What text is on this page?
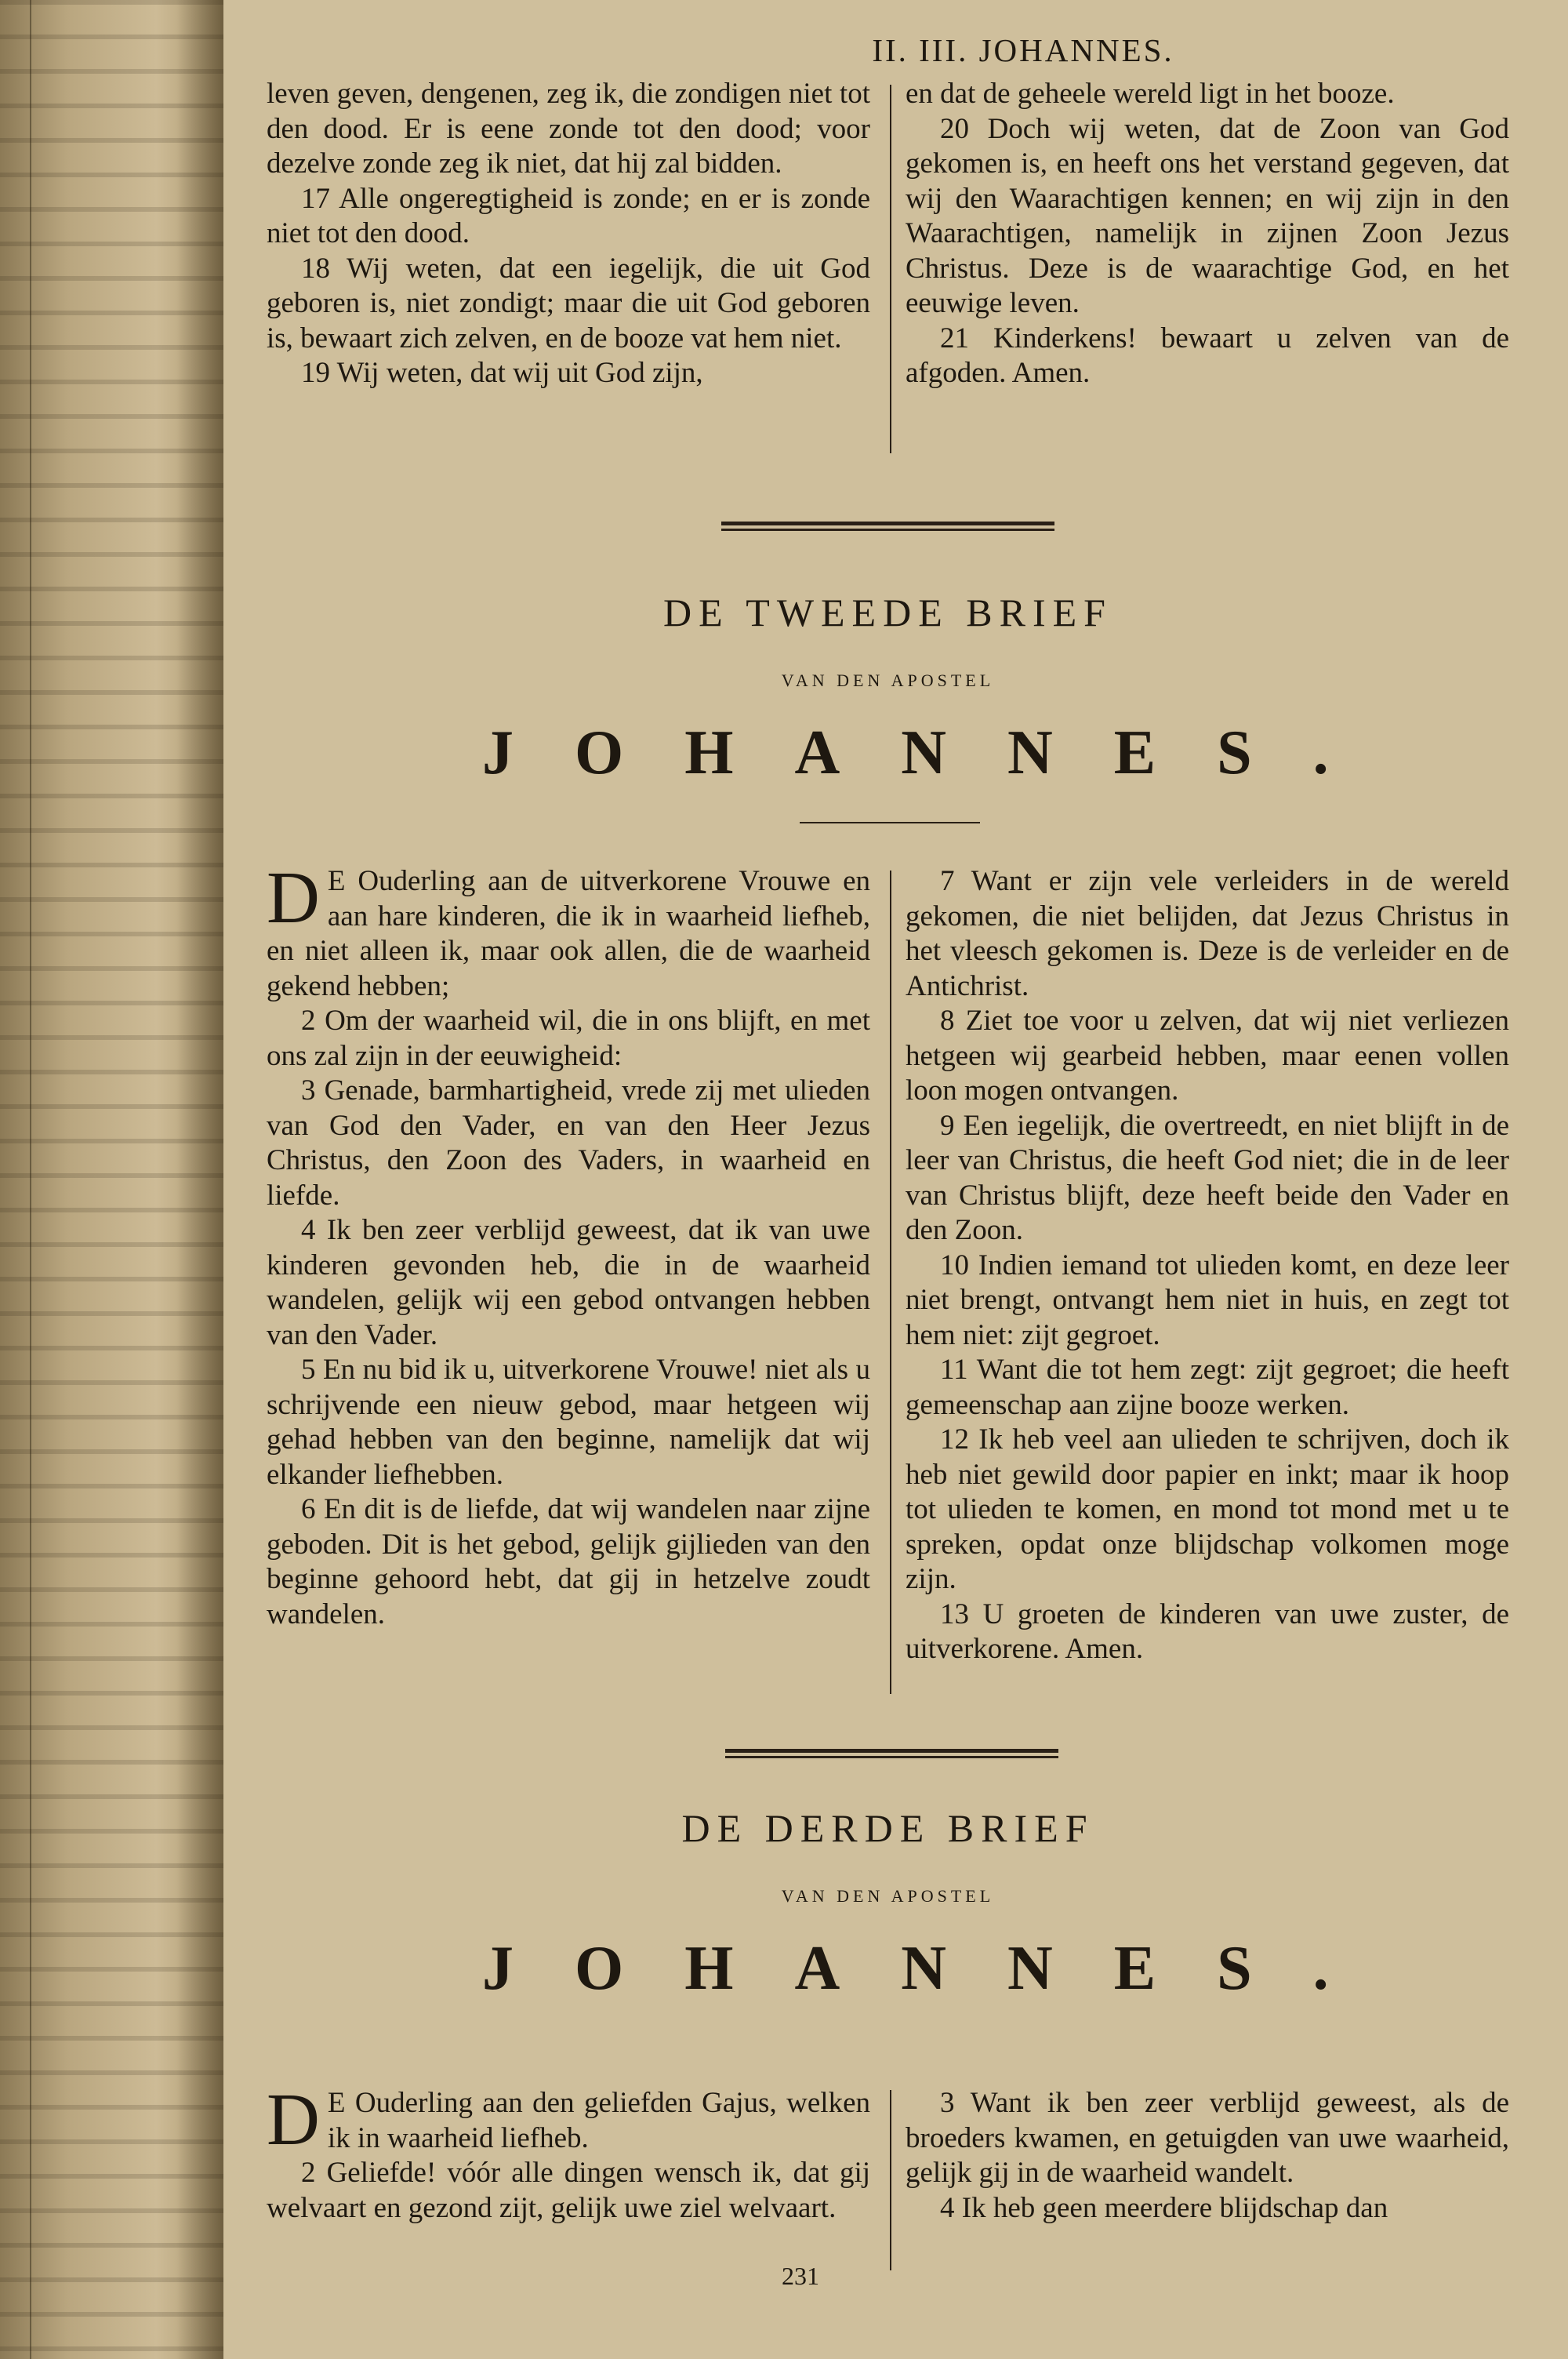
II. III. JOHANNES.

leven geven, dengenen, zeg ik, die zondigen niet tot den dood. Er is eene zonde tot den dood; voor dezelve zonde zeg ik niet, dat hij zal bidden.

17 Alle ongeregtigheid is zonde; en er is zonde niet tot den dood.

18 Wij weten, dat een iegelijk, die uit God geboren is, niet zondigt; maar die uit God geboren is, bewaart zich zelven, en de booze vat hem niet.

19 Wij weten, dat wij uit God zijn,

en dat de geheele wereld ligt in het booze.

20 Doch wij weten, dat de Zoon van God gekomen is, en heeft ons het verstand gegeven, dat wij den Waarachtigen kennen; en wij zijn in den Waarachtigen, namelijk in zijnen Zoon Jezus Christus. Deze is de waarachtige God, en het eeuwige leven.

21 Kinderkens! bewaart u zelven van de afgoden. Amen.

DE TWEEDE BRIEF
VAN DEN APOSTEL
JOHANNES.

D E Ouderling aan de uitverkorene Vrouwe en aan hare kinderen, die ik in waarheid liefheb, en niet alleen ik, maar ook allen, die de waarheid gekend hebben;

2 Om der waarheid wil, die in ons blijft, en met ons zal zijn in der eeuwigheid:

3 Genade, barmhartigheid, vrede zij met ulieden van God den Vader, en van den Heer Jezus Christus, den Zoon des Vaders, in waarheid en liefde.

4 Ik ben zeer verblijd geweest, dat ik van uwe kinderen gevonden heb, die in de waarheid wandelen, gelijk wij een gebod ontvangen hebben van den Vader.

5 En nu bid ik u, uitverkorene Vrouwe! niet als u schrijvende een nieuw gebod, maar hetgeen wij gehad hebben van den beginne, namelijk dat wij elkander liefhebben.

6 En dit is de liefde, dat wij wandelen naar zijne geboden. Dit is het gebod, gelijk gijlieden van den beginne gehoord hebt, dat gij in hetzelve zoudt wandelen.

7 Want er zijn vele verleiders in de wereld gekomen, die niet belijden, dat Jezus Christus in het vleesch gekomen is. Deze is de verleider en de Antichrist.

8 Ziet toe voor u zelven, dat wij niet verliezen hetgeen wij gearbeid hebben, maar eenen vollen loon mogen ontvangen.

9 Een iegelijk, die overtreedt, en niet blijft in de leer van Christus, die heeft God niet; die in de leer van Christus blijft, deze heeft beide den Vader en den Zoon.

10 Indien iemand tot ulieden komt, en deze leer niet brengt, ontvangt hem niet in huis, en zegt tot hem niet: zijt gegroet.

11 Want die tot hem zegt: zijt gegroet; die heeft gemeenschap aan zijne booze werken.

12 Ik heb veel aan ulieden te schrijven, doch ik heb niet gewild door papier en inkt; maar ik hoop tot ulieden te komen, en mond tot mond met u te spreken, opdat onze blijdschap volkomen moge zijn.

13 U groeten de kinderen van uwe zuster, de uitverkorene. Amen.

DE DERDE BRIEF
VAN DEN APOSTEL
JOHANNES.

D E Ouderling aan den geliefden Gajus, welken ik in waarheid liefheb.

2 Geliefde! vóór alle dingen wensch ik, dat gij welvaart en gezond zijt, gelijk uwe ziel welvaart.

3 Want ik ben zeer verblijd geweest, als de broeders kwamen, en getuigden van uwe waarheid, gelijk gij in de waarheid wandelt.

4 Ik heb geen meerdere blijdschap dan

231
